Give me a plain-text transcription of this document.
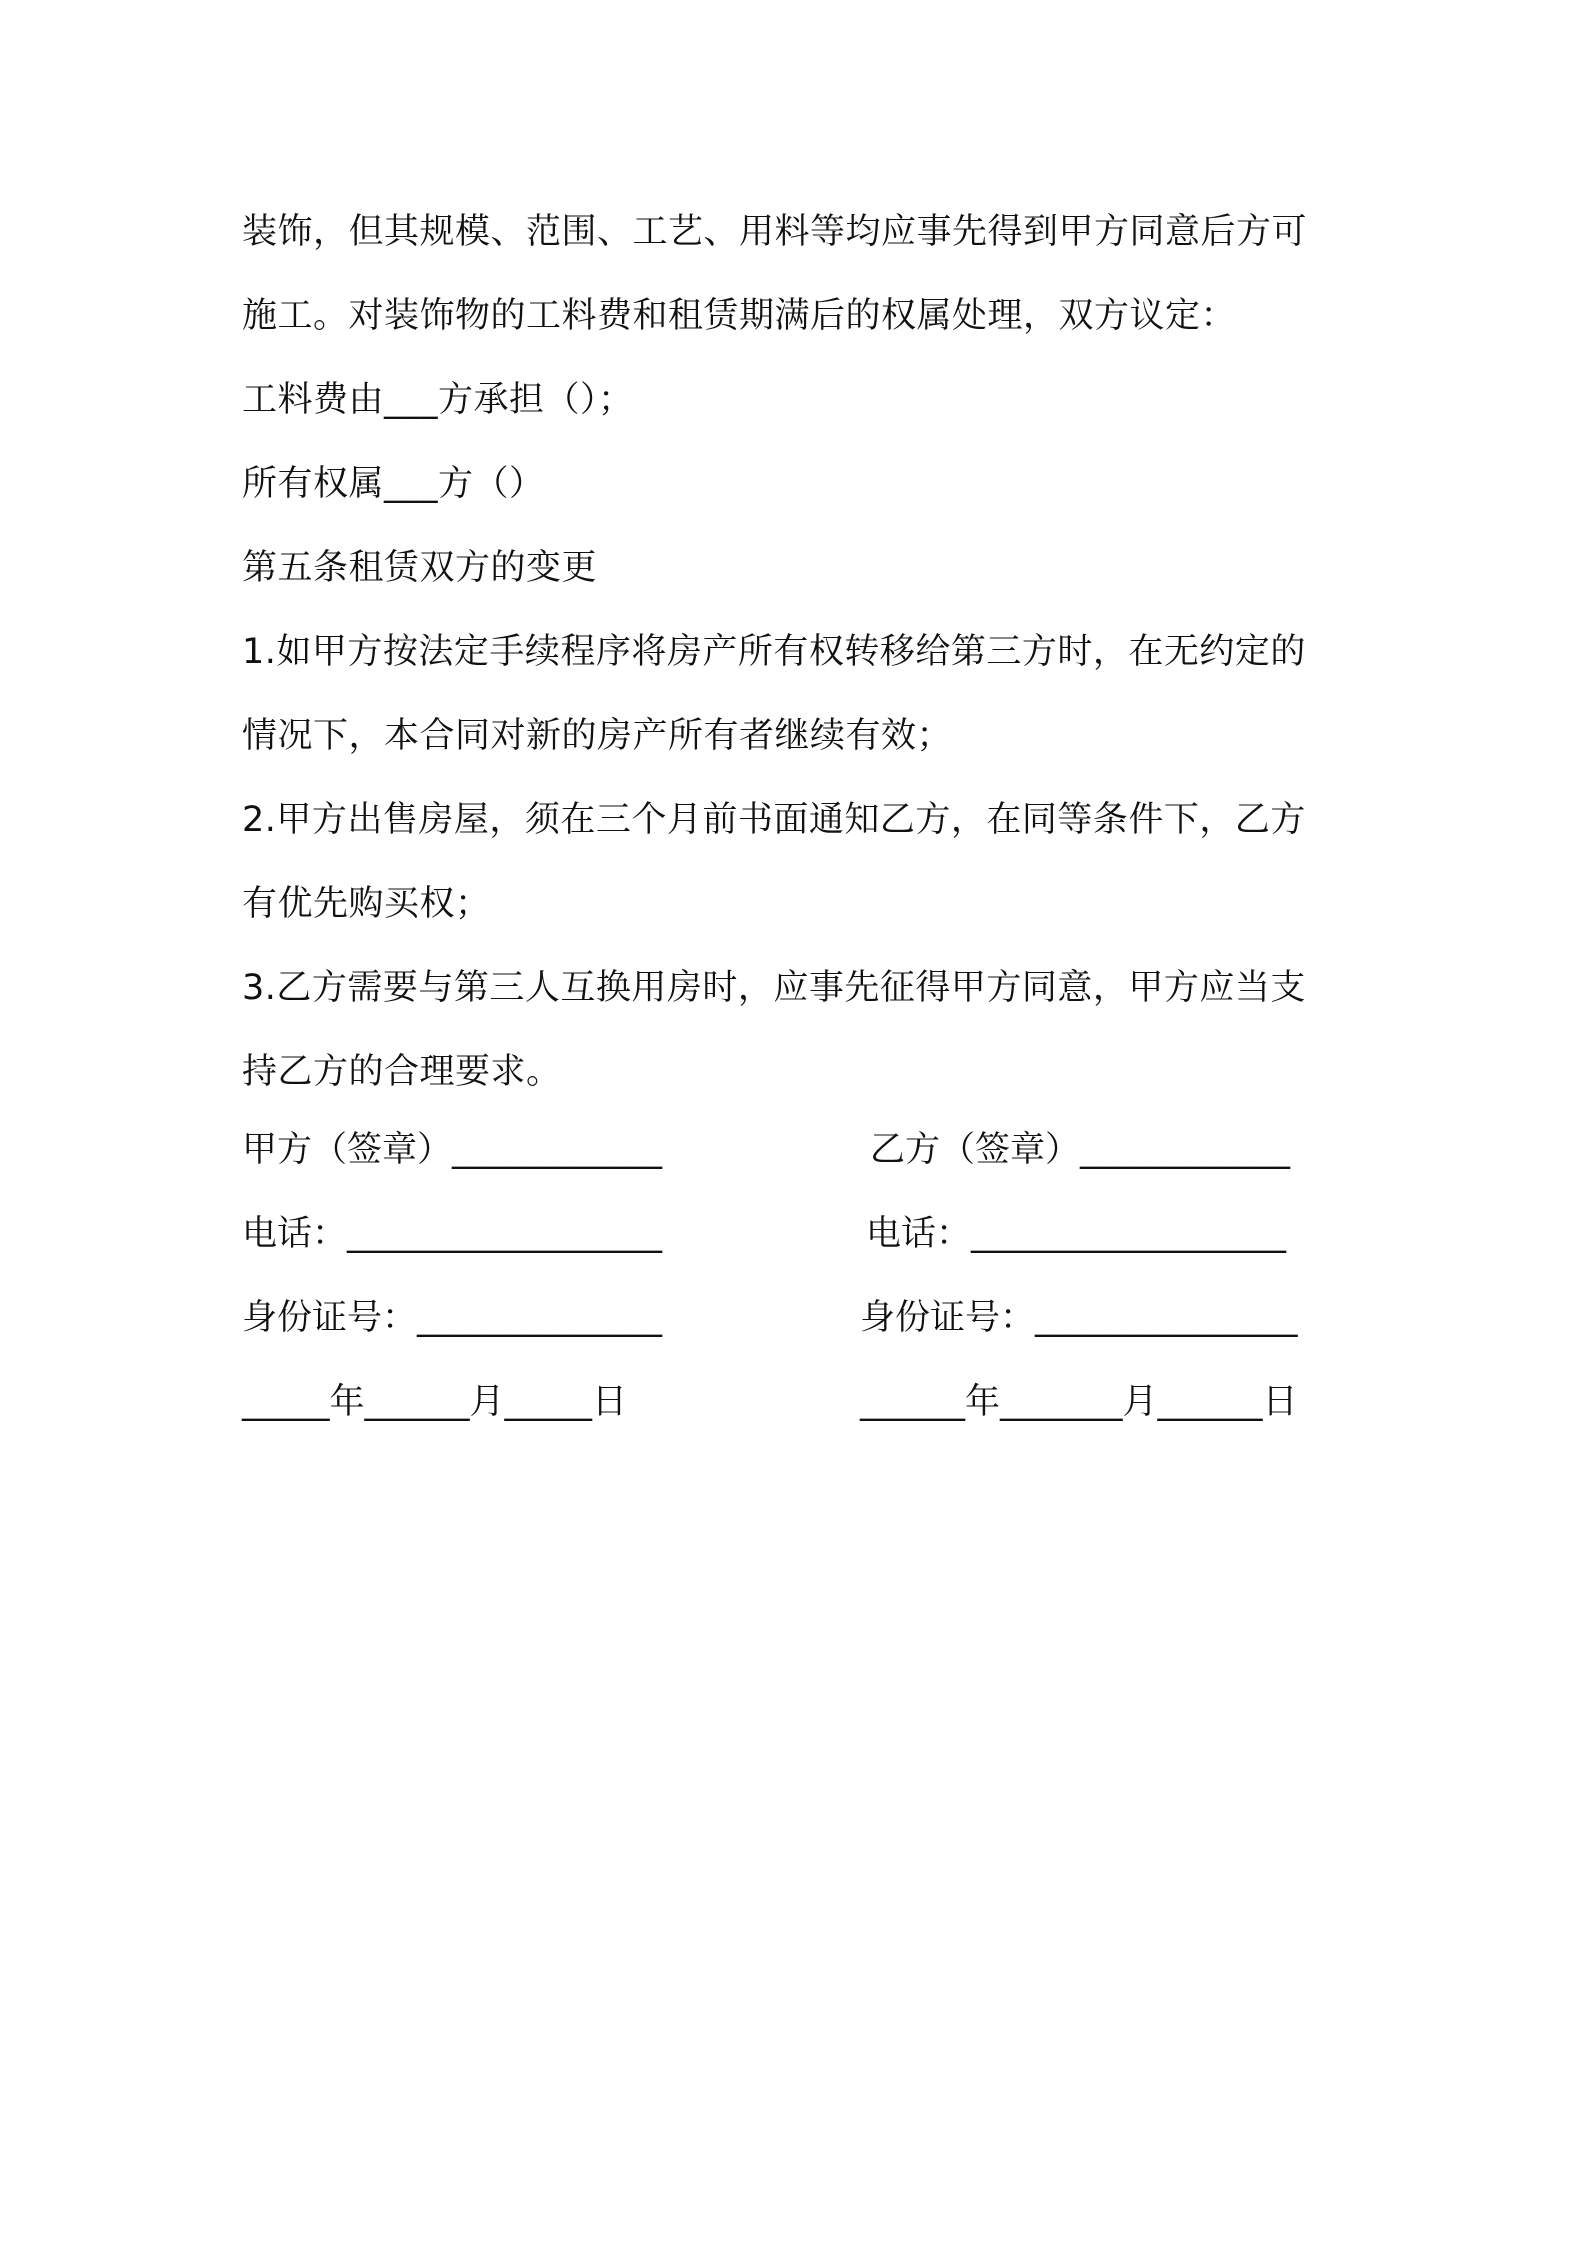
装饰，但其规模、范围、工艺、用料等均应事先得到甲方同意后方可
施工。对装饰物的工料费和租赁期满后的权属处理，双方议定：
工料费由___方承担（）；
所有权属___方（）
第五条租赁双方的变更
1.如甲方按法定手续程序将房产所有权转移给第三方时，在无约定的
情况下，本合同对新的房产所有者继续有效；
2.甲方出售房屋，须在三个月前书面通知乙方，在同等条件下，乙方
有优先购买权；
3.乙方需要与第三人互换用房时，应事先征得甲方同意，甲方应当支
持乙方的合理要求。
甲方（签章）____________
电话：__________________
身份证号：______________
_____年______月_____日
乙方（签章）____________
电话：__________________
身份证号：_______________
______年_______月______日
